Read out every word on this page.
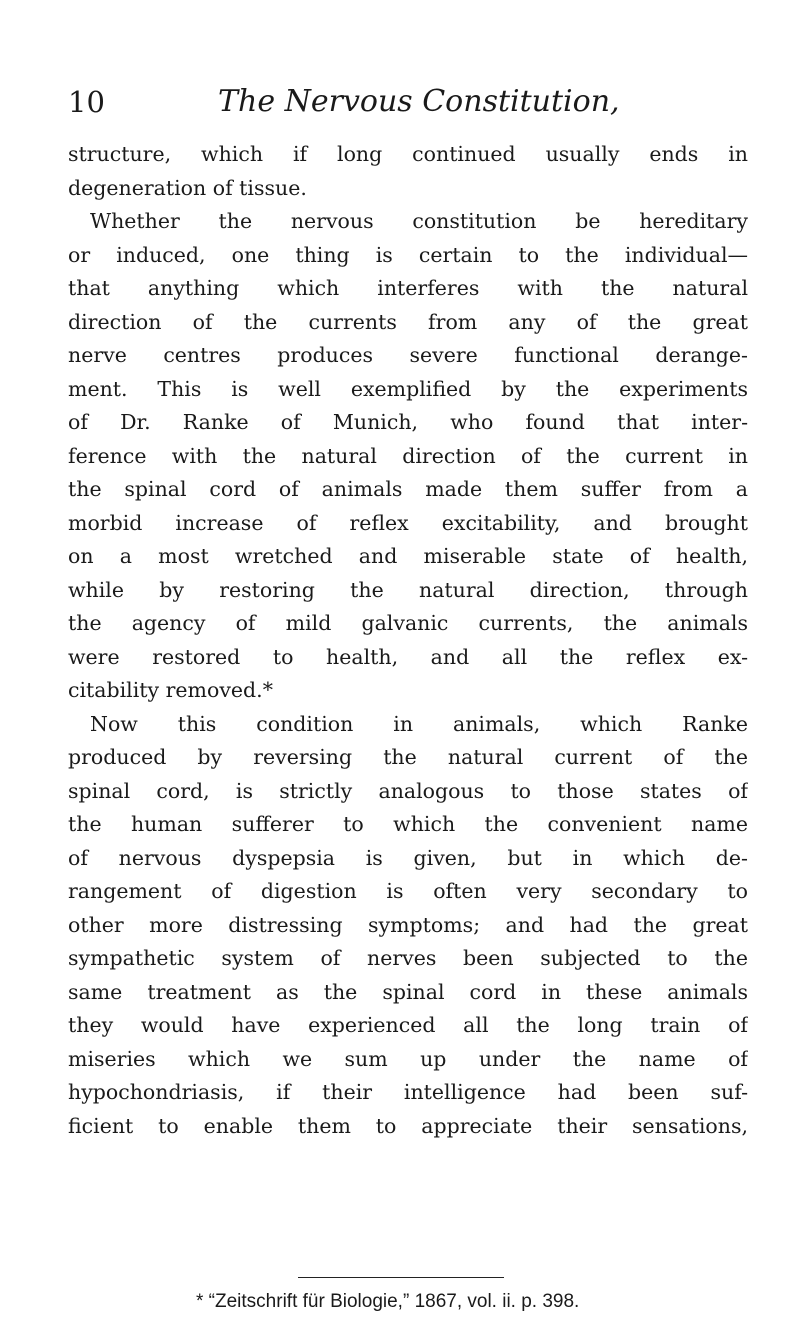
10	The Nervous Constitution,
structure, which if long continued usually ends in
degeneration of tissue.
Whether the nervous constitution be hereditary
or induced, one thing is certain to the individual—
that anything which interferes with the natural
direction of the currents from any of the great
nerve centres produces severe functional derange-
ment. This is well exemplified by the experiments
of Dr. Ranke of Munich, who found that inter-
ference with the natural direction of the current in
the spinal cord of animals made them suffer from a
morbid increase of reflex excitability, and brought
on a most wretched and miserable state of health,
while by restoring the natural direction, through
the agency of mild galvanic currents, the animals
were restored to health, and all the reflex ex-
citability removed.*
Now this condition in animals, which Ranke
produced by reversing the natural current of the
spinal cord, is strictly analogous to those states of
the human sufferer to which the convenient name
of nervous dyspepsia is given, but in which de-
rangement of digestion is often very secondary to
other more distressing symptoms; and had the great
sympathetic system of nerves been subjected to the
same treatment as the spinal cord in these animals
they would have experienced all the long train of
miseries which we sum up under the name of
hypochondriasis, if their intelligence had been suf-
ficient to enable them to appreciate their sensations,
* “Zeitschrift für Biologie,” 1867, vol. ii. p. 398.
